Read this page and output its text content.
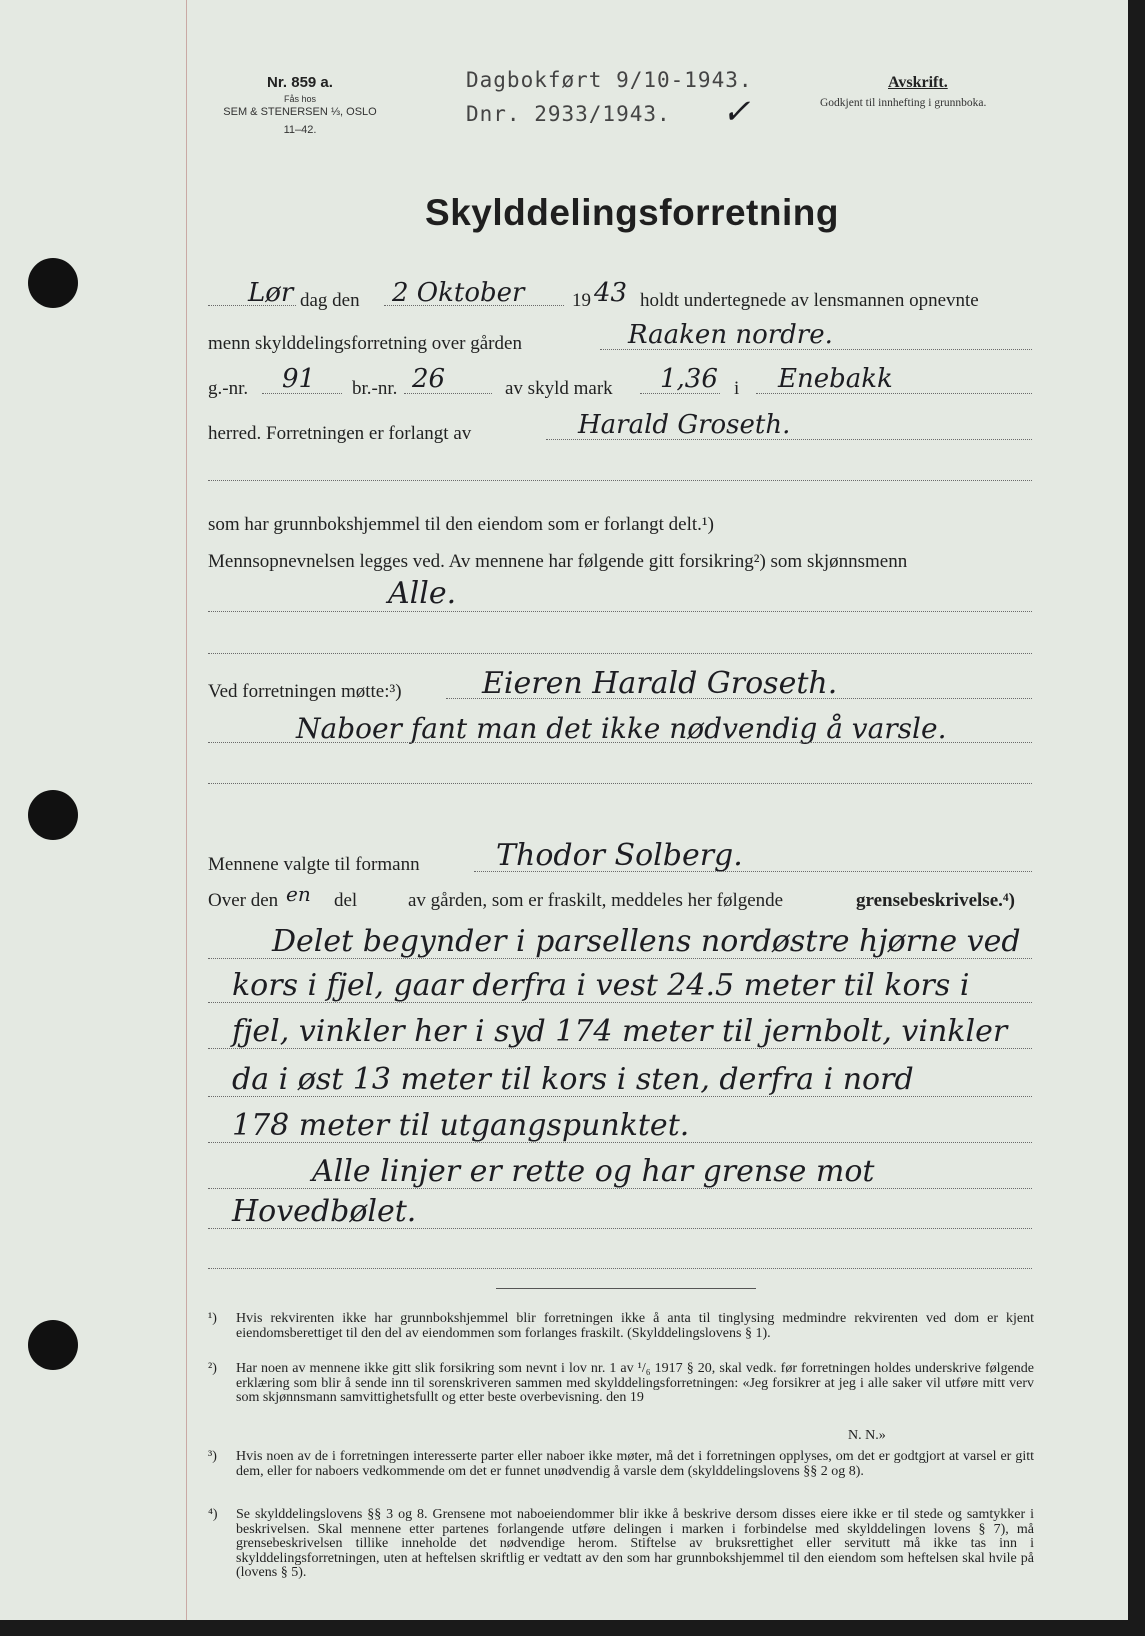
Nr. 859 a.
Fås hos
SEM & STENERSEN ⅓, OSLO
11–42.
Dagbokført 9/10-1943.
Dnr. 2933/1943. ✓
Avskrift.
Godkjent til innhefting i grunnboka.
Skylddelingsforretning
Lør dag den 2 Oktober	19 43 holdt undertegnede av lensmannen opnevnte
menn skylddelingsforretning over gården	Raaken nordre.
g.-nr. 91 br.-nr. 26	av skyld mark 1,36 i Enebakk
herred. Forretningen er forlangt av	Harald Groseth.
som har grunnbokshjemmel til den eiendom som er forlangt delt.¹)
Mennsopnevnelsen legges ved. Av mennene har følgende gitt forsikring²) som skjønnsmenn
Alle.
Ved forretningen møtte:³)	Eieren Harald Groseth.
Naboer fant man det ikke nødvendig å varsle.
Mennene valgte til formann	Thodor Solberg.
Over den en del	av gården, som er fraskilt, meddeles her følgende	grensebeskrivelse.⁴)
Delet begynder i parsellens nordøstre hjørne ved
kors i fjel, gaar derfra i vest 24.5 meter til kors i
fjel, vinkler her i syd 174 meter til jernbolt, vinkler
da i øst 13 meter til kors i sten, derfra i nord
178 meter til utgangspunktet.
Alle linjer er rette og har grense mot
Hovedbølet.
¹) Hvis rekvirenten ikke har grunnbokshjemmel blir forretningen ikke å anta til tinglysing medmindre rekvirenten ved dom er kjent eiendomsberettiget til den del av eiendommen som forlanges fraskilt. (Skylddelingslovens § 1).
²) Har noen av mennene ikke gitt slik forsikring som nevnt i lov nr. 1 av ¹/₆ 1917 § 20, skal vedk. før forretningen holdes underskrive følgende erklæring som blir å sende inn til sorenskriveren sammen med skylddelingsforretningen: «Jeg forsikrer at jeg i alle saker vil utføre mitt verv som skjønnsmann samvittighetsfullt og etter beste overbevisning. den 19
N. N.»
³) Hvis noen av de i forretningen interesserte parter eller naboer ikke møter, må det i forretningen opplyses, om det er godtgjort at varsel er gitt dem, eller for naboers vedkommende om det er funnet unødvendig å varsle dem (skylddelingslovens §§ 2 og 8).
⁴) Se skylddelingslovens §§ 3 og 8. Grensene mot naboeiendommer blir ikke å beskrive dersom disses eiere ikke er til stede og samtykker i beskrivelsen. Skal mennene etter partenes forlangende utføre delingen i marken i forbindelse med skylddelingen lovens § 7), må grensebeskrivelsen tillike inneholde det nødvendige herom. Stiftelse av bruksrettighet eller servitutt må ikke tas inn i skylddelingsforretningen, uten at heftelsen skriftlig er vedtatt av den som har grunnbokshjemmel til den eiendom som heftelsen skal hvile på (lovens § 5).
